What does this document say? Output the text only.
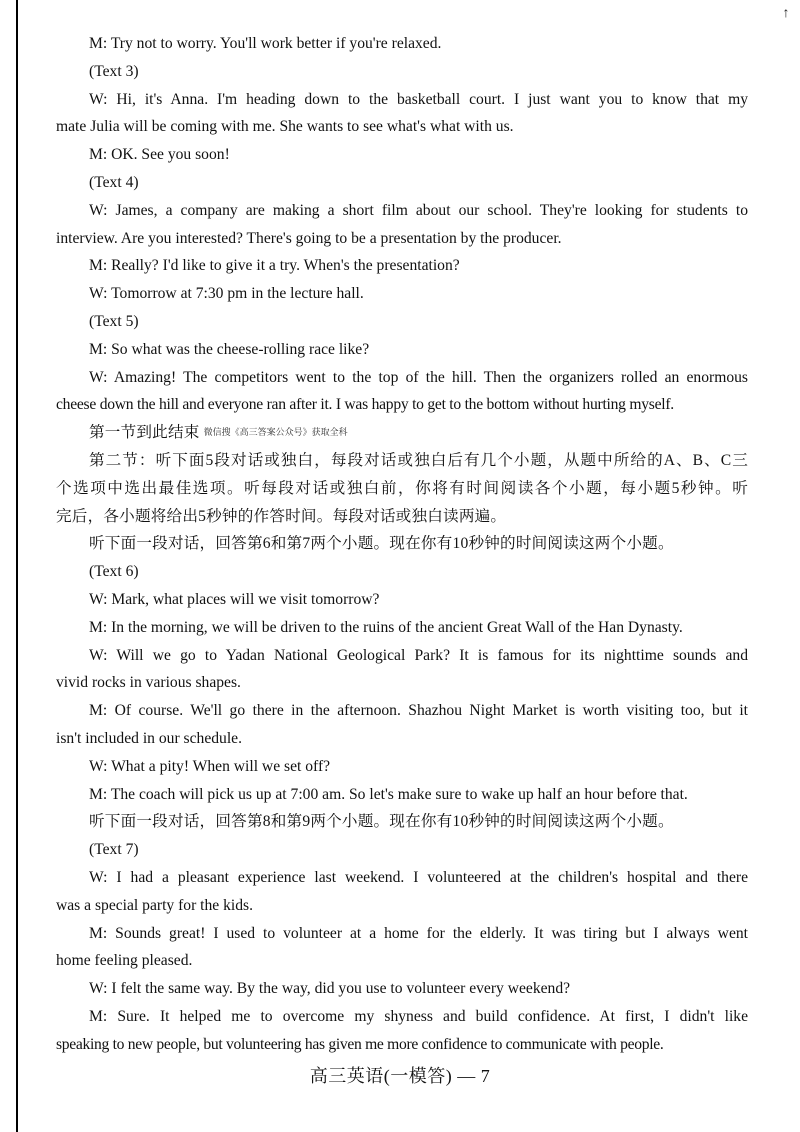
↑
M: Try not to worry. You'll work better if you're relaxed.
(Text 3)
W: Hi, it's Anna. I'm heading down to the basketball court. I just want you to know that my
mate Julia will be coming with me. She wants to see what's what with us.
M: OK. See you soon!
(Text 4)
W: James, a company are making a short film about our school. They're looking for students to
interview. Are you interested? There's going to be a presentation by the producer.
M: Really? I'd like to give it a try. When's the presentation?
W: Tomorrow at 7:30 pm in the lecture hall.
(Text 5)
M: So what was the cheese-rolling race like?
W: Amazing! The competitors went to the top of the hill. Then the organizers rolled an enormous
cheese down the hill and everyone ran after it. I was happy to get to the bottom without hurting myself.
第一节到此结束 微信搜《高三答案公众号》获取全科
第二节：听下面5段对话或独白，每段对话或独白后有几个小题，从题中所给的A、B、C三
个选项中选出最佳选项。听每段对话或独白前，你将有时间阅读各个小题，每小题5秒钟。听
完后，各小题将给出5秒钟的作答时间。每段对话或独白读两遍。
听下面一段对话，回答第6和第7两个小题。现在你有10秒钟的时间阅读这两个小题。
(Text 6)
W: Mark, what places will we visit tomorrow?
M: In the morning, we will be driven to the ruins of the ancient Great Wall of the Han Dynasty.
W: Will we go to Yadan National Geological Park? It is famous for its nighttime sounds and
vivid rocks in various shapes.
M: Of course. We'll go there in the afternoon. Shazhou Night Market is worth visiting too, but it
isn't included in our schedule.
W: What a pity! When will we set off?
M: The coach will pick us up at 7:00 am. So let's make sure to wake up half an hour before that.
听下面一段对话，回答第8和第9两个小题。现在你有10秒钟的时间阅读这两个小题。
(Text 7)
W: I had a pleasant experience last weekend. I volunteered at the children's hospital and there
was a special party for the kids.
M: Sounds great! I used to volunteer at a home for the elderly. It was tiring but I always went
home feeling pleased.
W: I felt the same way. By the way, did you use to volunteer every weekend?
M: Sure. It helped me to overcome my shyness and build confidence. At first, I didn't like
speaking to new people, but volunteering has given me more confidence to communicate with people.
高三英语(一模答) — 7
